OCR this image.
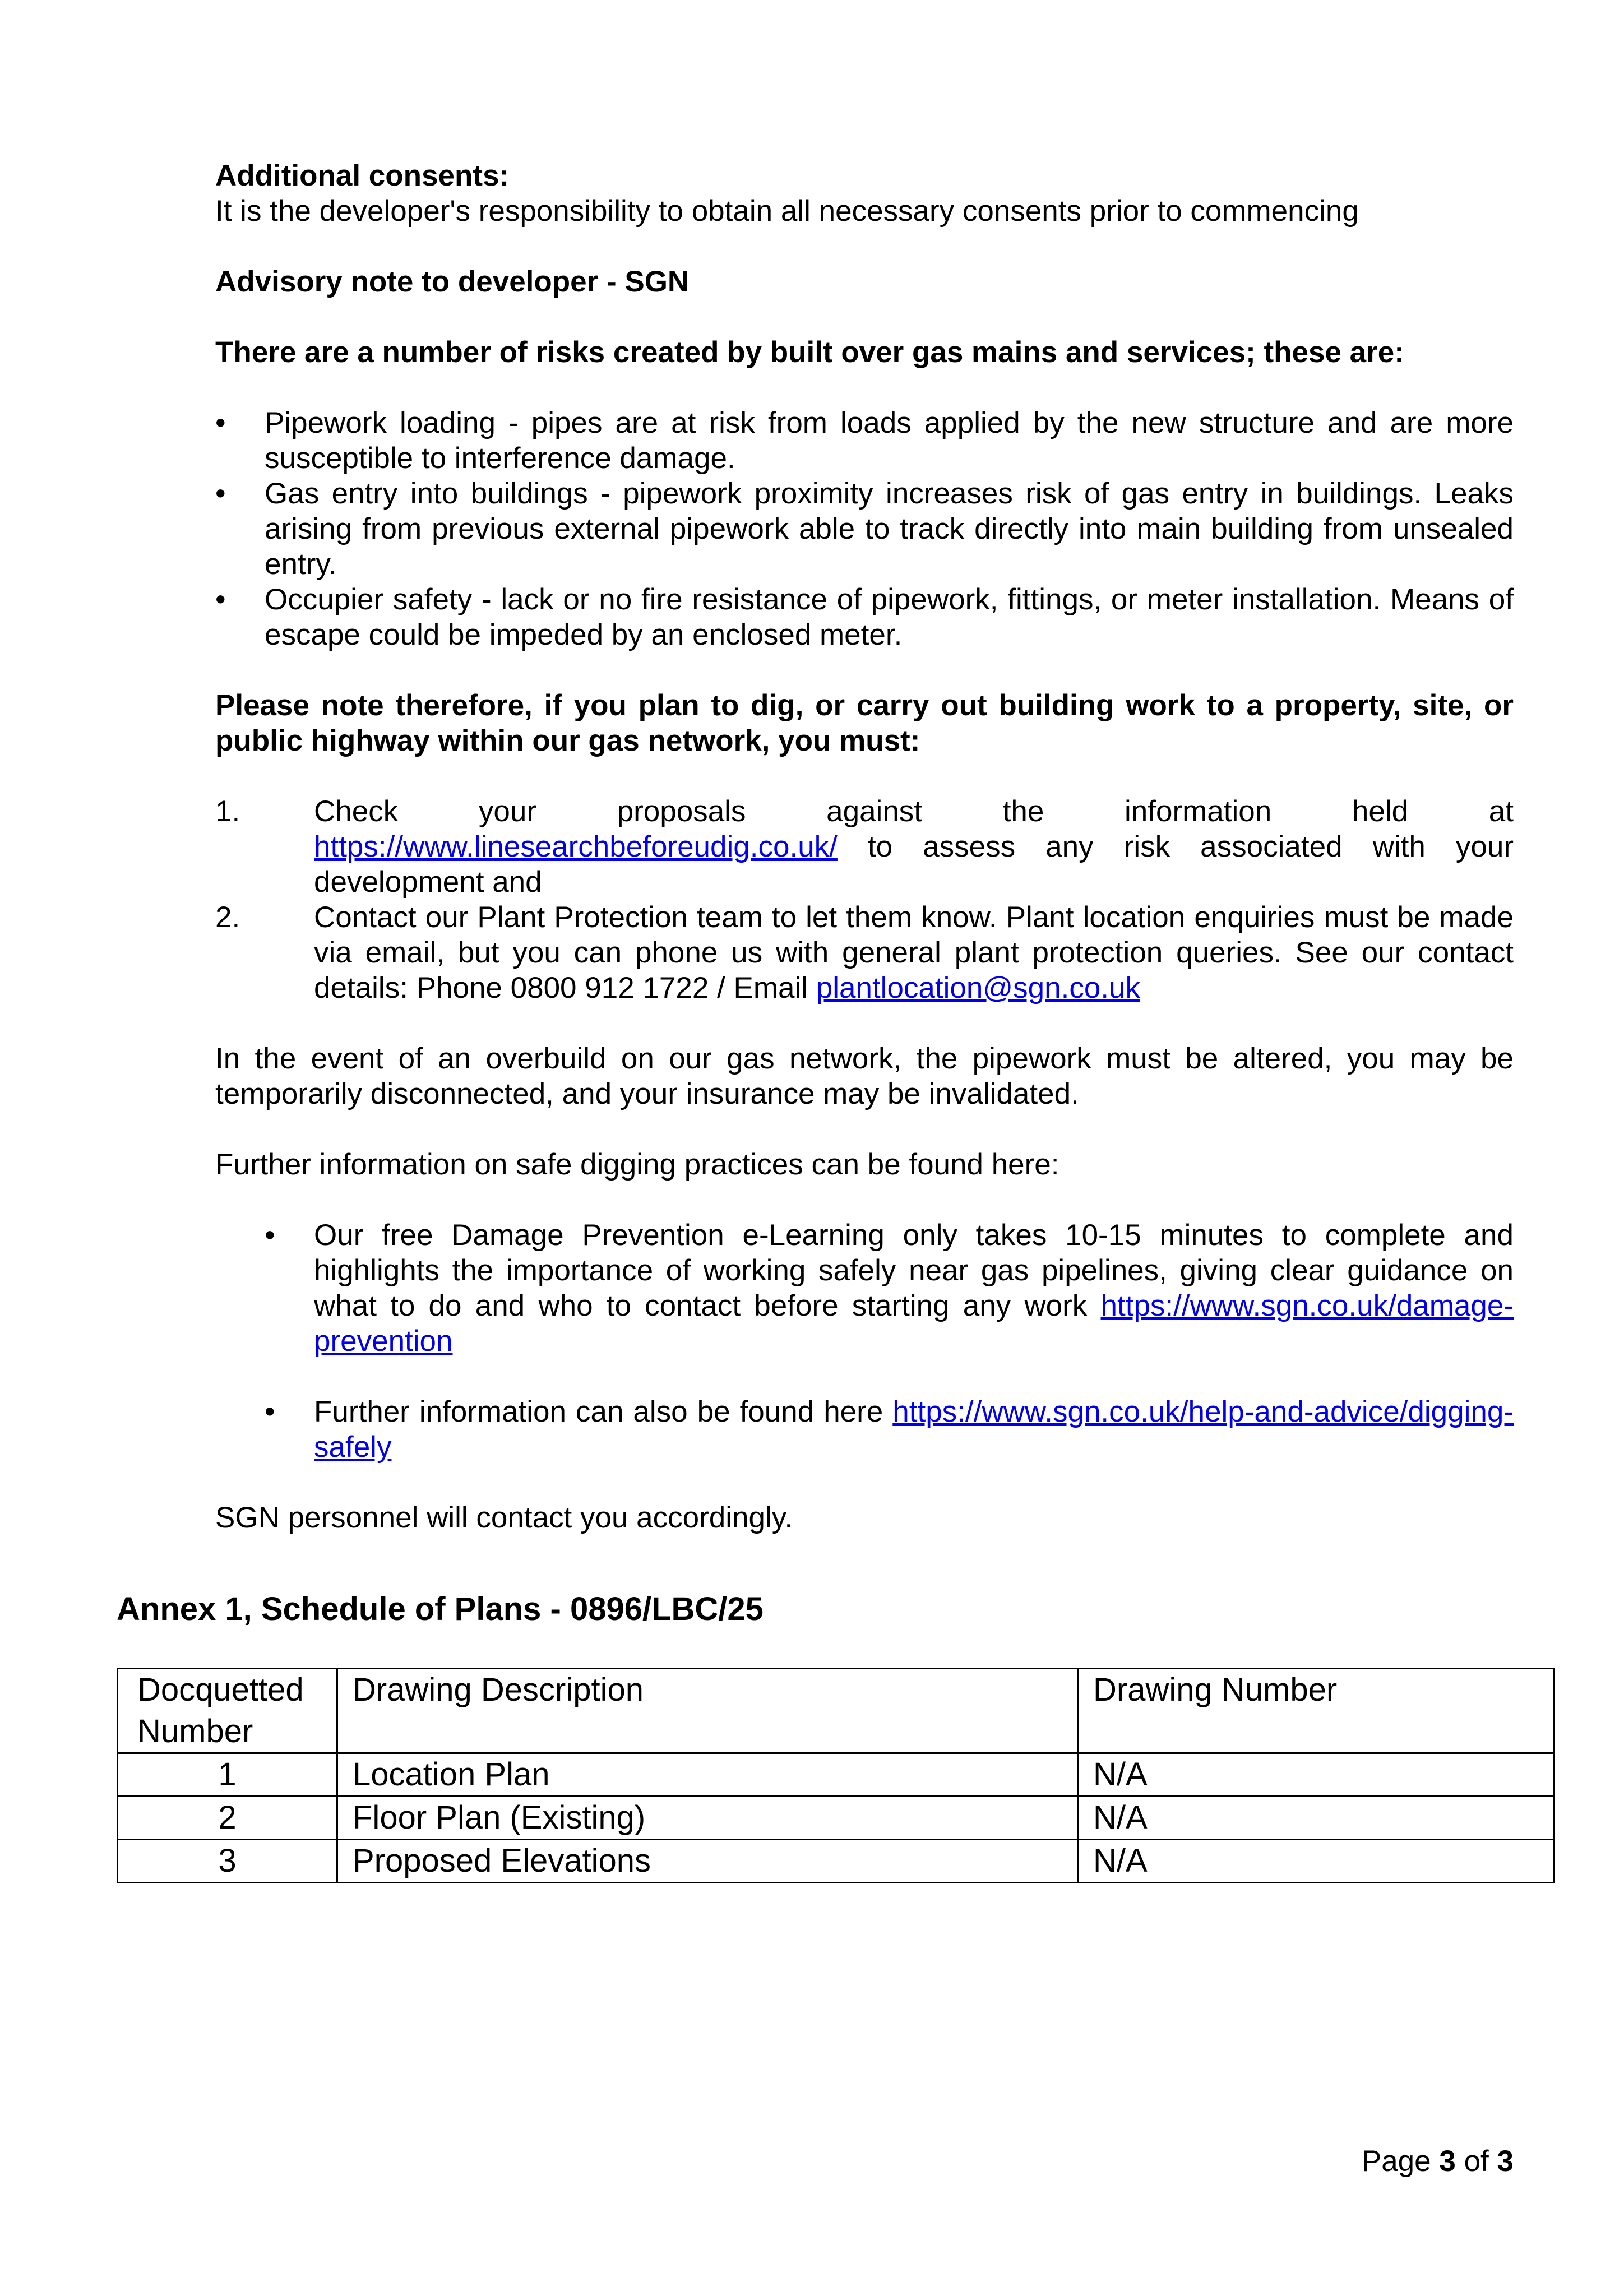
Additional consents:

It is the developer's responsibility to obtain all necessary consents prior to commencing

Advisory note to developer - SGN

There are a number of risks created by built over gas mains and services; these are:

• Pipework loading - pipes are at risk from loads applied by the new structure and are more susceptible to interference damage.
• Gas entry into buildings - pipework proximity increases risk of gas entry in buildings. Leaks arising from previous external pipework able to track directly into main building from unsealed entry.
• Occupier safety - lack or no fire resistance of pipework, fittings, or meter installation. Means of escape could be impeded by an enclosed meter.

Please note therefore, if you plan to dig, or carry out building work to a property, site, or public highway within our gas network, you must:

1. Check	your	proposals	against	the	information	held	at
https://www.linesearchbeforeudig.co.uk/ to assess any risk associated with your development and
2. Contact our Plant Protection team to let them know. Plant location enquiries must be made via email, but you can phone us with general plant protection queries. See our contact details: Phone 0800 912 1722 / Email plantlocation@sgn.co.uk

In the event of an overbuild on our gas network, the pipework must be altered, you may be temporarily disconnected, and your insurance may be invalidated.

Further information on safe digging practices can be found here:

• Our free Damage Prevention e-Learning only takes 10-15 minutes to complete and highlights the importance of working safely near gas pipelines, giving clear guidance on what to do and who to contact before starting any work https://www.sgn.co.uk/damage-prevention
• Further information can also be found here https://www.sgn.co.uk/help-and-advice/digging-safely

SGN personnel will contact you accordingly.

Annex 1, Schedule of Plans - 0896/LBC/25
Docquetted Number	Drawing Description	Drawing Number
1	Location Plan	N/A
2	Floor Plan (Existing)	N/A
3	Proposed Elevations	N/A
Page 3 of 3
